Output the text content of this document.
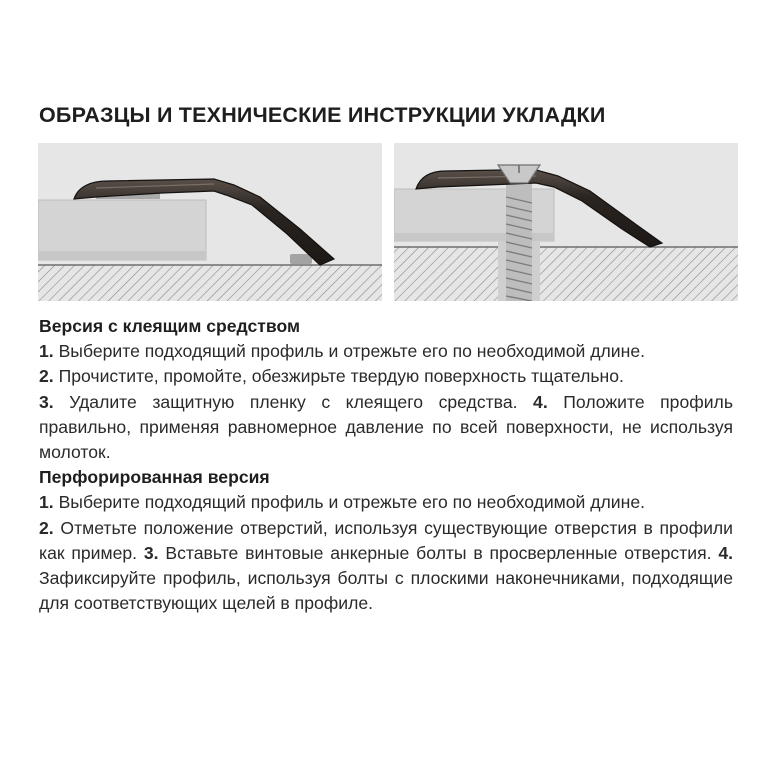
ОБРАЗЦЫ И ТЕХНИЧЕСКИЕ ИНСТРУКЦИИ УКЛАДКИ
Версия с клеящим средством
1. Выберите подходящий профиль и отрежьте его по необходимой длине.
2. Прочистите, промойте, обезжирьте твердую поверхность тщательно.
3. Удалите защитную пленку с клеящего средства. 4. Положите профиль правильно, применяя равномерное давление по всей поверхности, не используя молоток.
Перфорированная версия
1. Выберите подходящий профиль и отрежьте его по необходимой длине.
2. Отметьте положение отверстий, используя существующие отверстия в профили как пример. 3. Вставьте винтовые анкерные болты в просверленные отверстия. 4. Зафиксируйте профиль, используя болты с плоскими наконечниками, подходящие для соответствующих щелей в профиле.
